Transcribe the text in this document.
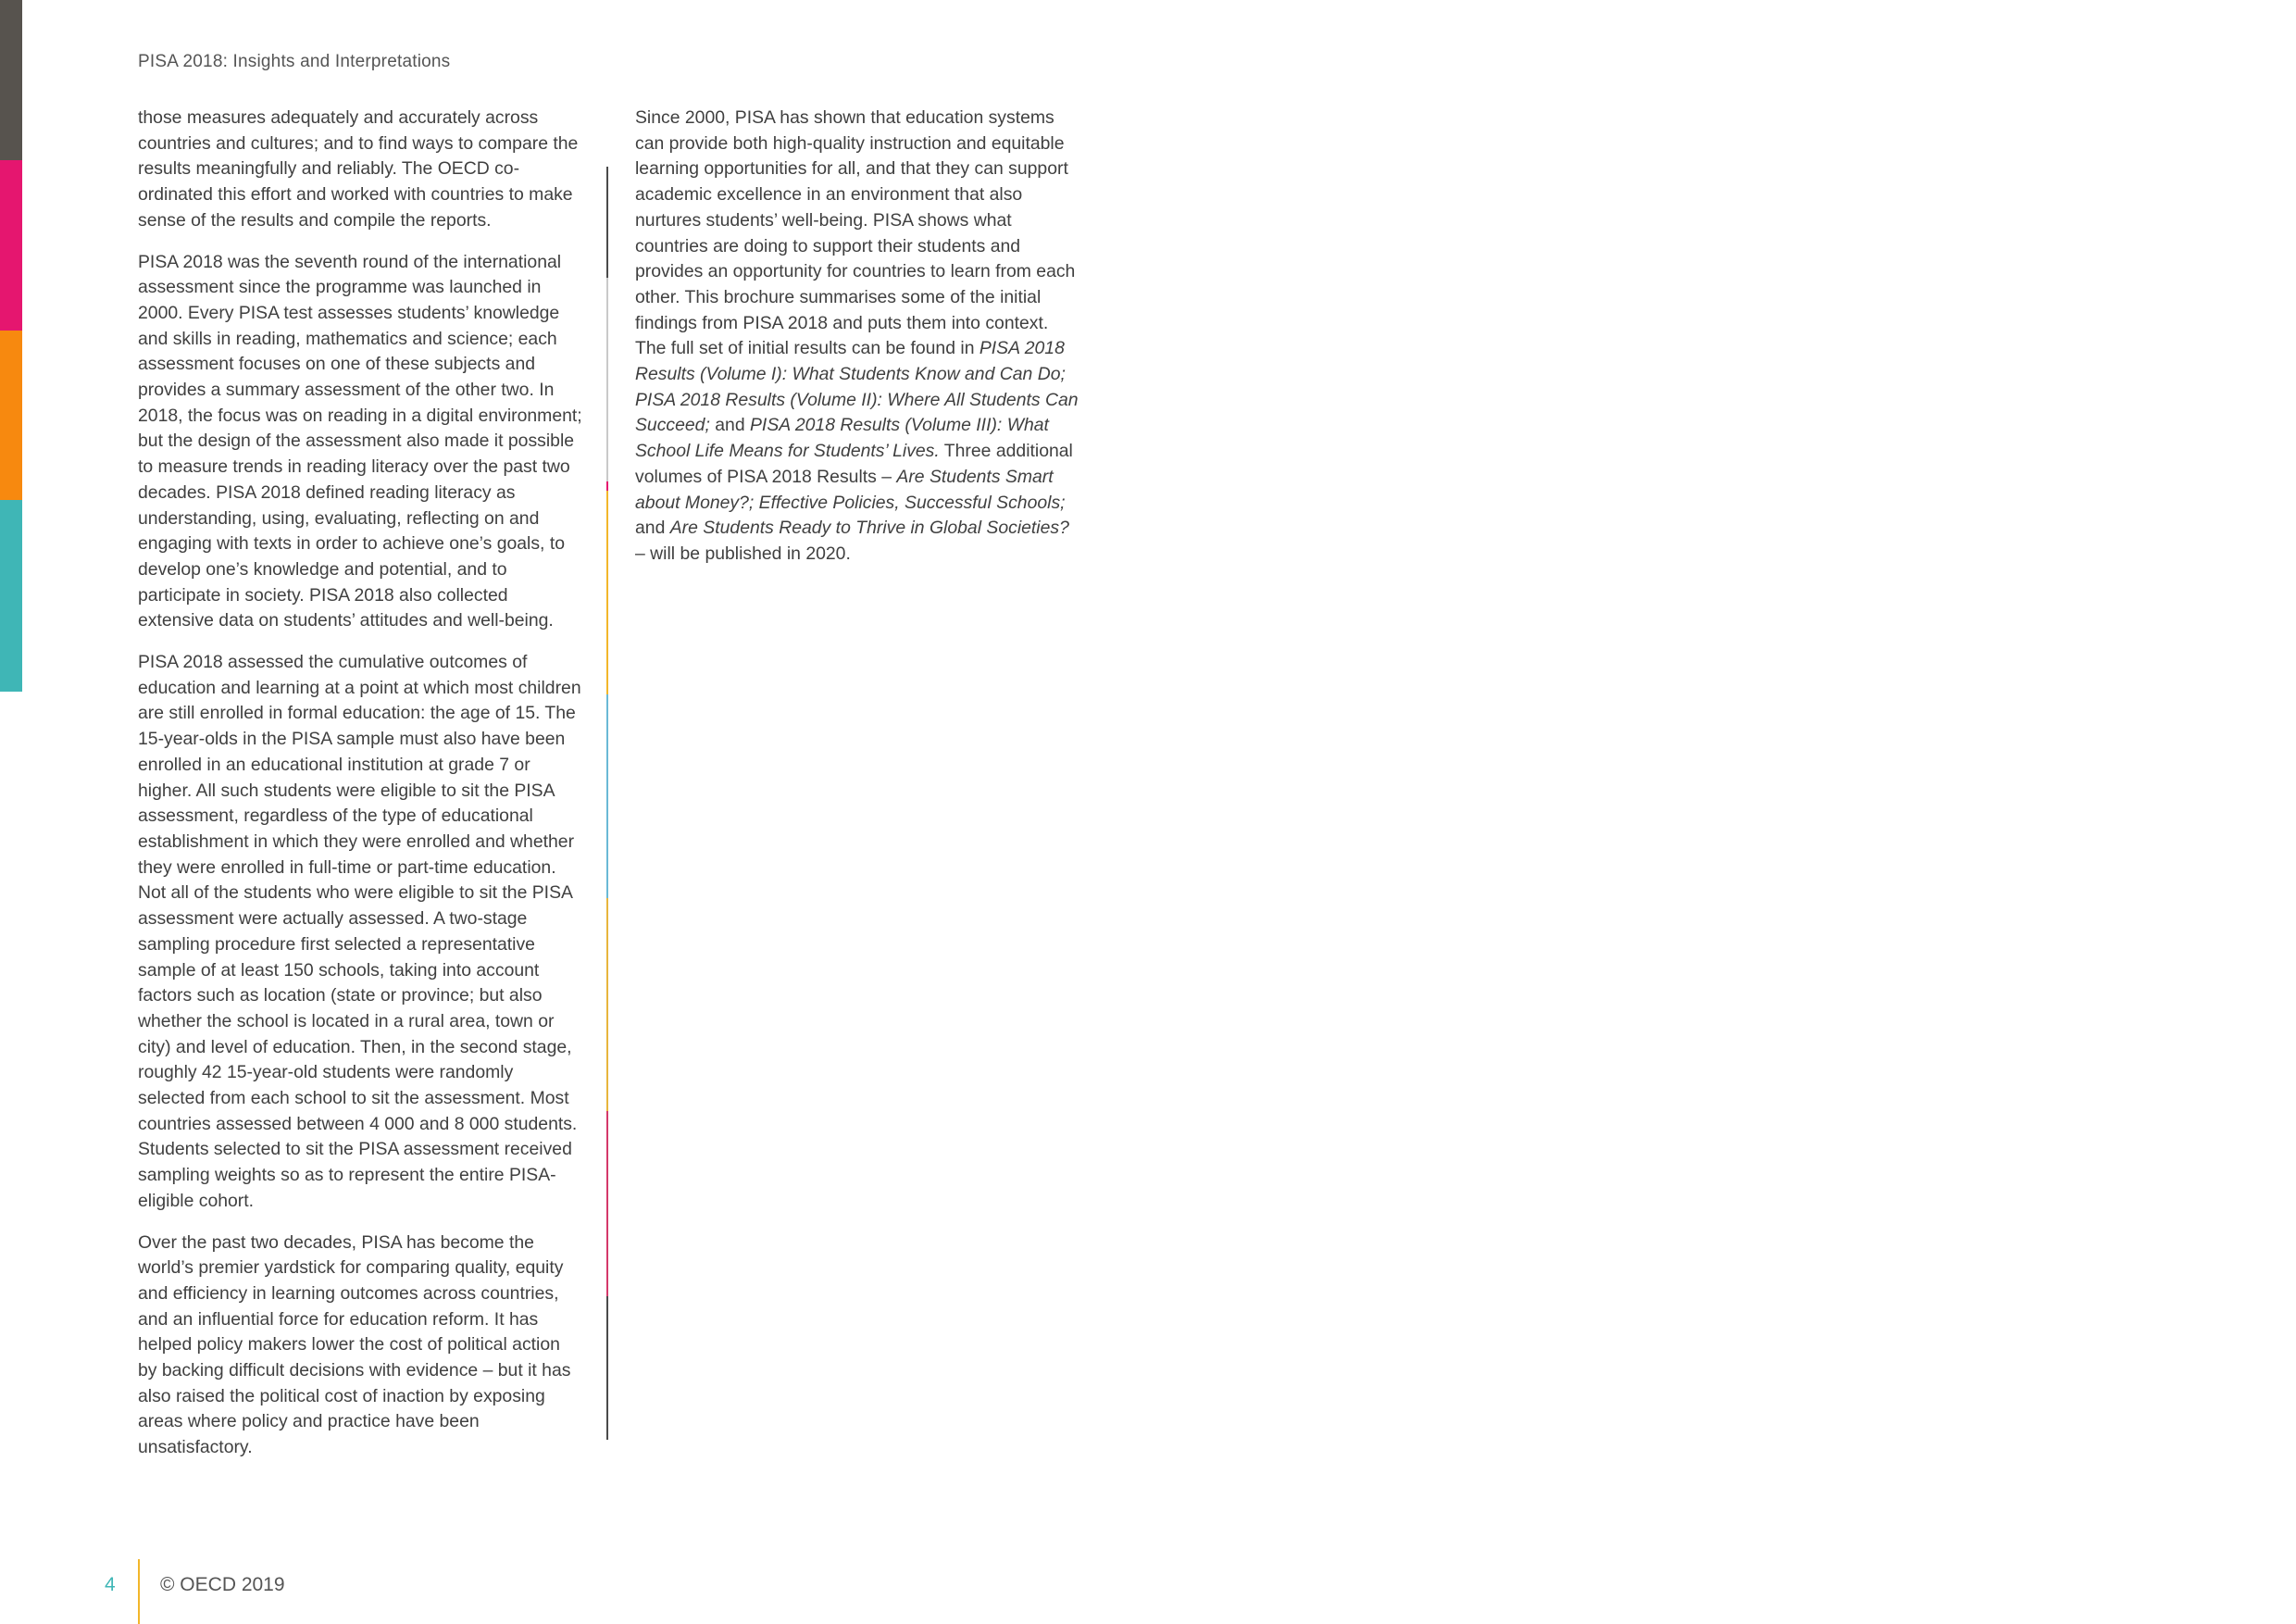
PISA 2018: Insights and Interpretations

those measures adequately and accurately across countries and cultures; and to find ways to compare the results meaningfully and reliably. The OECD co-ordinated this effort and worked with countries to make sense of the results and compile the reports.

PISA 2018 was the seventh round of the international assessment since the programme was launched in 2000. Every PISA test assesses students’ knowledge and skills in reading, mathematics and science; each assessment focuses on one of these subjects and provides a summary assessment of the other two. In 2018, the focus was on reading in a digital environment; but the design of the assessment also made it possible to measure trends in reading literacy over the past two decades. PISA 2018 defined reading literacy as understanding, using, evaluating, reflecting on and engaging with texts in order to achieve one’s goals, to develop one’s knowledge and potential, and to participate in society. PISA 2018 also collected extensive data on students’ attitudes and well-being.

PISA 2018 assessed the cumulative outcomes of education and learning at a point at which most children are still enrolled in formal education: the age of 15. The 15-year-olds in the PISA sample must also have been enrolled in an educational institution at grade 7 or higher. All such students were eligible to sit the PISA assessment, regardless of the type of educational establishment in which they were enrolled and whether they were enrolled in full-time or part-time education. Not all of the students who were eligible to sit the PISA assessment were actually assessed. A two-stage sampling procedure first selected a representative sample of at least 150 schools, taking into account factors such as location (state or province; but also whether the school is located in a rural area, town or city) and level of education. Then, in the second stage, roughly 42 15-year-old students were randomly selected from each school to sit the assessment. Most countries assessed between 4 000 and 8 000 students. Students selected to sit the PISA assessment received sampling weights so as to represent the entire PISA-eligible cohort.

Over the past two decades, PISA has become the world’s premier yardstick for comparing quality, equity and efficiency in learning outcomes across countries, and an influential force for education reform. It has helped policy makers lower the cost of political action by backing difficult decisions with evidence – but it has also raised the political cost of inaction by exposing areas where policy and practice have been unsatisfactory.

Since 2000, PISA has shown that education systems can provide both high-quality instruction and equitable learning opportunities for all, and that they can support academic excellence in an environment that also nurtures students’ well-being. PISA shows what countries are doing to support their students and provides an opportunity for countries to learn from each other. This brochure summarises some of the initial findings from PISA 2018 and puts them into context. The full set of initial results can be found in PISA 2018 Results (Volume I): What Students Know and Can Do; PISA 2018 Results (Volume II): Where All Students Can Succeed; and PISA 2018 Results (Volume III): What School Life Means for Students’ Lives. Three additional volumes of PISA 2018 Results – Are Students Smart about Money?; Effective Policies, Successful Schools; and Are Students Ready to Thrive in Global Societies? – will be published in 2020.

4 © OECD 2019
